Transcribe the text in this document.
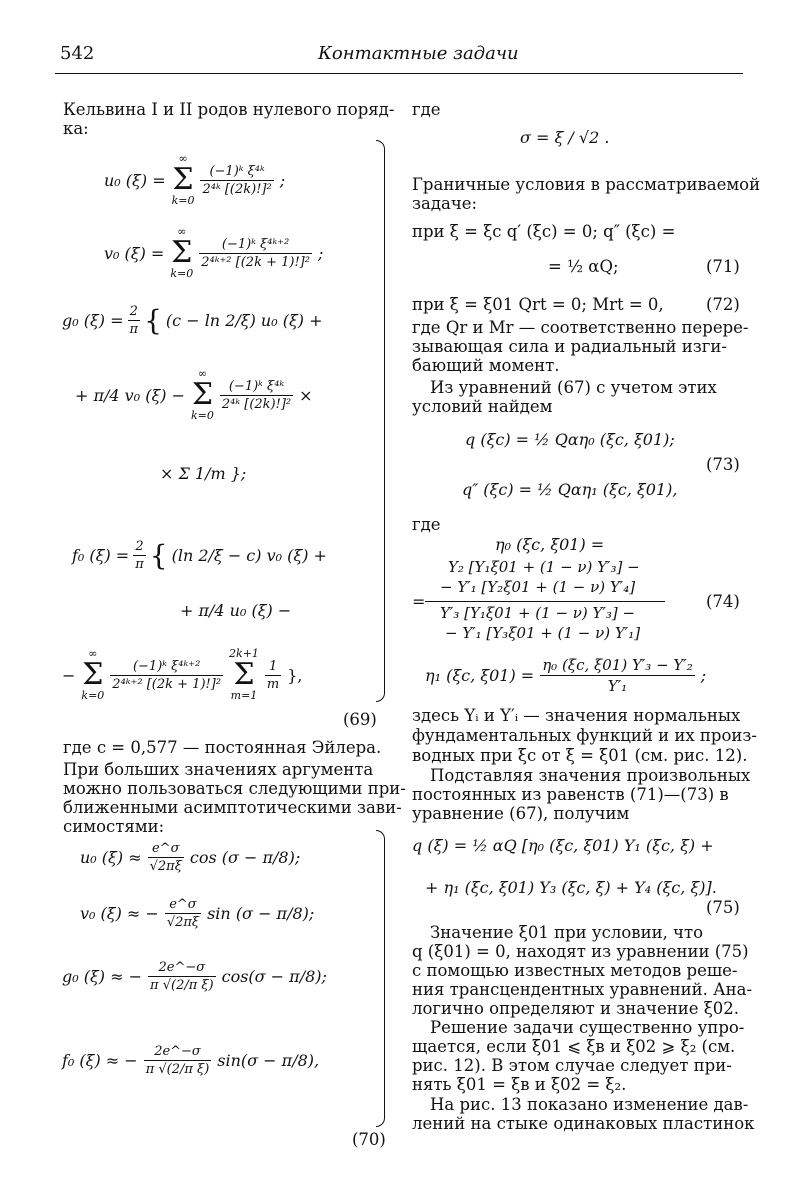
542	Контактные задачи
Кельвина I и II родов нулевого поряд-
ка:
u₀ (ξ) =
∞
Σ
k=0
$\frac{\text{(−1)ᵏ ξ⁴ᵏ}}{\text{2⁴ᵏ [(2k)!]²}}$ ;
v₀ (ξ) =
∞
Σ
k=0
$\frac{\text{(−1)ᵏ ξ⁴ᵏ⁺²}}{\text{2⁴ᵏ⁺² [(2k + 1)!]²}}$ ;
g₀ $(\xi) = \frac{2}{\pi}$ { (c − ln 2/ξ) u₀ (ξ) +
+ π/4 v₀ (ξ) −
∞
Σ
k=0
$\frac{\text{(−1)ᵏ ξ⁴ᵏ}}{\text{2⁴ᵏ [(2k)!]²}}$ ×
× Σ 1/m };
f₀ $(\xi) = \frac{2}{\pi}$ { (ln 2/ξ − c) v₀ (ξ) +
+ π/4 u₀ (ξ) −
−
∞
Σ
k=0
$\frac{\text{(−1)ᵏ ξ⁴ᵏ⁺²}}{\text{2⁴ᵏ⁺² [(2k + 1)!]²}}$
2k+1
Σ
m=1
$\frac{1}{m}$ },
(69)
где c = 0,577 — постоянная Эйлера.
При больших значениях аргумента
можно пользоваться следующими при-
ближенными асимптотическими зави-
симостями:
u₀ $(\xi) \approx \frac{e\^{}\sigma}{√2\pi\xi}$ cos (σ − π/8);
v₀ (ξ) ≈ − $\frac{e\^{}\sigma}{√2\pi\xi}$ sin (σ − π/8);
g₀ (ξ) ≈ − $\frac{2e\^{}-\sigma}{\text{π √(2/π ξ)}} \cos(\sigma - \pi/8)$;
f₀ (ξ) ≈ − $\frac{2e\^{}-\sigma}{\text{π √(2/π ξ)}} \sin(\sigma - \pi/8)$,
(70)
где
σ = ξ / √2 .
Граничные условия в рассматриваемой
задаче:
при ξ = ξc q′ (ξc) = 0; q″ (ξc) =
= ½ αQ;	(71)
при ξ = ξ01 Qrt = 0; Mrt = 0,	(72)
где Qr и Mr — соответственно перере-
зывающая сила и радиальный изги-
бающий момент.
Из уравнений (67) с учетом этих
условий найдем
q (ξc) = ½ Qαη₀ (ξc, ξ01);
q″ (ξc) = ½ Qαη₁ (ξc, ξ01),
(73)
где
η₀ (ξc, ξ01) =
Y₂ [Y₁ξ01 + (1 − ν) Y′₃] −
− Y′₁ [Y₂ξ01 + (1 − ν) Y′₄]
=
Y′₃ [Y₁ξ01 + (1 − ν) Y′₃] −
− Y′₁ [Y₃ξ01 + (1 − ν) Y′₁]
(74)
η₁ (ξc, $\xi 01) = \frac{\text{η₀ (ξc, ξ01) Y′₃ − Y′₂}}{\text{Y′₁}}$ ;
здесь Yᵢ и Y′ᵢ — значения нормальных
фундаментальных функций и их произ-
водных при ξc от ξ = ξ01 (см. рис. 12).
Подставляя значения произвольных
постоянных из равенств (71)—(73) в
уравнение (67), получим
q (ξ) = ½ αQ [η₀ (ξc, ξ01) Y₁ (ξc, ξ) +
+ η₁ (ξc, ξ01) Y₃ (ξc, ξ) + Y₄ (ξc, ξ)].
(75)
Значение ξ01 при условии, что
q (ξ01) = 0, находят из уравнении (75)
с помощью известных методов реше-
ния трансцендентных уравнений. Ана-
логично определяют и значение ξ02.
Решение задачи существенно упро-
щается, если ξ01 ⩽ ξв и ξ02 ⩾ ξ₂ (см.
рис. 12). В этом случае следует при-
нять ξ01 = ξв и ξ02 = ξ₂.
На рис. 13 показано изменение дав-
лений на стыке одинаковых пластинок
